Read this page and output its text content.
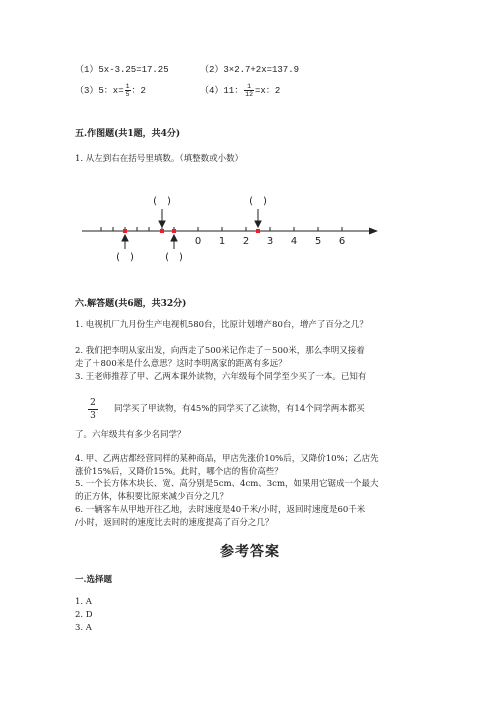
（1）5x-3.25=17.25	（2）3×2.7+2x=137.9
（3）5：$x= \frac{1}{5}$ ：2	（4）11： $\frac{1}{12} =x$：2
五.作图题(共1题，共4分)
1. 从左到右在括号里填数。（填整数或小数）
0 1 2 3 4 5 6
(　)	(　)
(　)	(　)
六.解答题(共6题，共32分)
1. 电视机厂九月份生产电视机580台，比原计划增产80台，增产了百分之几？
2. 我们把李明从家出发，向西走了500米记作走了－500米，那么李明又接着
走了＋800米是什么意思？这时李明离家的距离有多远？
3. 王老师推荐了甲、乙两本课外读物，六年级每个同学至少买了一本。已知有
$\frac{2}{3}$ 同学买了甲读物，有45%的同学买了乙读物，有14个同学两本都买
了。六年级共有多少名同学？
4. 甲、乙两店都经营同样的某种商品，甲店先涨价10%后，又降价10%；乙店先
涨价15%后，又降价15%。此时，哪个店的售价高些？
5. 一个长方体木块长、宽、高分别是5cm、4cm、3cm，如果用它锯成一个最大
的正方体，体积要比原来减少百分之几？
6. 一辆客车从甲地开往乙地，去时速度是40千米/小时，返回时速度是60千米
/小时，返回时的速度比去时的速度提高了百分之几？
参考答案
一.选择题
1. A
2. D
3. A
